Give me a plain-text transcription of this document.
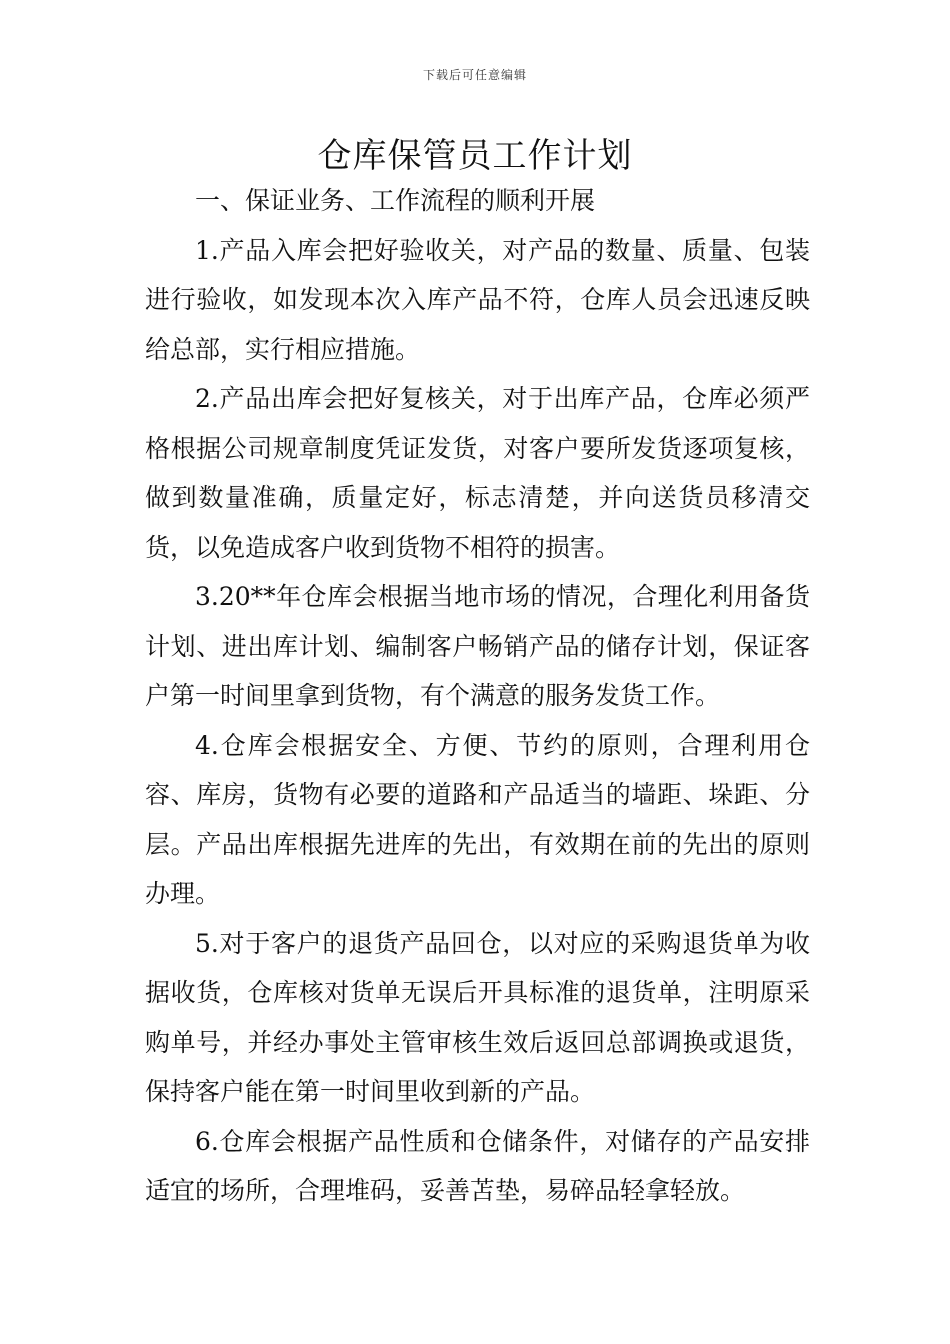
下载后可任意编辑
仓库保管员工作计划

一、保证业务、工作流程的顺利开展

1.产品入库会把好验收关，对产品的数量、质量、包装进行验收，如发现本次入库产品不符，仓库人员会迅速反映给总部，实行相应措施。

2.产品出库会把好复核关，对于出库产品，仓库必须严格根据公司规章制度凭证发货，对客户要所发货逐项复核，做到数量准确，质量定好，标志清楚，并向送货员移清交货，以免造成客户收到货物不相符的损害。

3.20**年仓库会根据当地市场的情况，合理化利用备货计划、进出库计划、编制客户畅销产品的储存计划，保证客户第一时间里拿到货物，有个满意的服务发货工作。

4.仓库会根据安全、方便、节约的原则，合理利用仓容、库房，货物有必要的道路和产品适当的墙距、垛距、分层。产品出库根据先进库的先出，有效期在前的先出的原则办理。

5.对于客户的退货产品回仓，以对应的采购退货单为收据收货，仓库核对货单无误后开具标准的退货单，注明原采购单号，并经办事处主管审核生效后返回总部调换或退货，保持客户能在第一时间里收到新的产品。

6.仓库会根据产品性质和仓储条件，对储存的产品安排适宜的场所，合理堆码，妥善苫垫，易碎品轻拿轻放。
